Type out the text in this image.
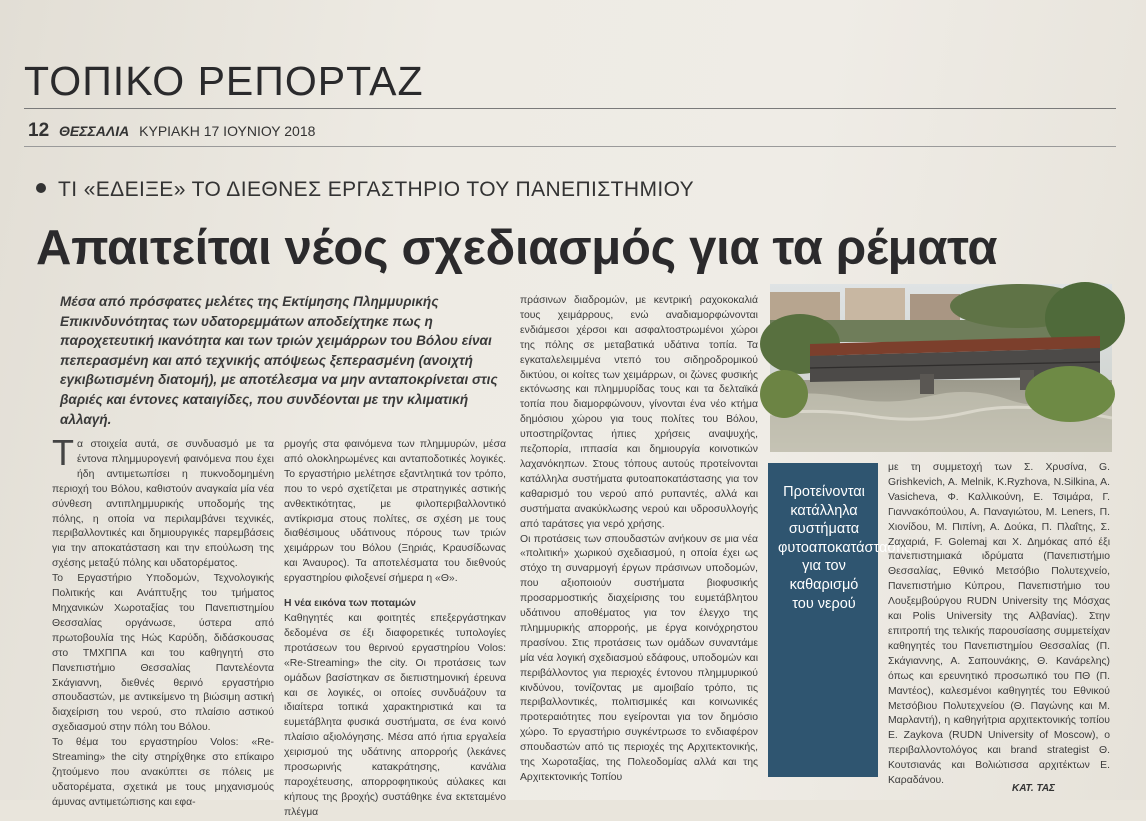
ΤΟΠΙΚΟ ΡΕΠΟΡΤΑΖ
12 ΘΕΣΣΑΛΙΑ ΚΥΡΙΑΚΗ 17 ΙΟΥΝΙΟΥ 2018
ΤΙ «ΕΔΕΙΞΕ» ΤΟ ΔΙΕΘΝΕΣ ΕΡΓΑΣΤΗΡΙΟ ΤΟΥ ΠΑΝΕΠΙΣΤΗΜΙΟΥ
Απαιτείται νέος σχεδιασμός για τα ρέματα

Μέσα από πρόσφατες μελέτες της Εκτίμησης Πλημμυρικής Επικινδυνότητας των υδατορεμμάτων αποδείχτηκε πως η παροχετευτική ικανότητα και των τριών χειμάρρων του Βόλου είναι πεπερασμένη και από τεχνικής απόψεως ξεπερασμένη (ανοιχτή εγκιβωτισμένη διατομή), με αποτέλεσμα να μην ανταποκρίνεται στις βαριές και έντονες καταιγίδες, που συνδέονται με την κλιματική αλλαγή.

Τ α στοιχεία αυτά, σε συνδυασμό με τα έντονα πλημμυρογενή φαινόμενα που έχει ήδη αντιμετωπίσει η πυκνοδομημένη περιοχή του Βόλου, καθιστούν αναγκαία μία νέα σύνθεση αντιπλημμυρικής υποδομής της πόλης, η οποία να περιλαμβάνει τεχνικές, περιβαλλοντικές και δημιουργικές παρεμβάσεις για την αποκατάσταση και την επούλωση της σχέσης μεταξύ πόλης και υδατορέματος.

Το Εργαστήριο Υποδομών, Τεχνολογικής Πολιτικής και Ανάπτυξης του τμήματος Μηχανικών Χωροταξίας του Πανεπιστημίου Θεσσαλίας οργάνωσε, ύστερα από πρωτοβουλία της Ηώς Καρύδη, διδάσκουσας στο ΤΜΧΠΠΑ και του καθηγητή στο Πανεπιστήμιο Θεσσαλίας Παντελέοντα Σκάγιαννη, διεθνές θερινό εργαστήριο σπουδαστών, με αντικείμενο τη βιώσιμη αστική διαχείριση του νερού, στο πλαίσιο αστικού σχεδιασμού στην πόλη του Βόλου.

Το θέμα του εργαστηρίου Volos: «Re-Streaming» the city στηρίχθηκε στο επίκαιρο ζητούμενο που ανακύπτει σε πόλεις με υδατορέματα, σχετικά με τους μηχανισμούς άμυνας αντιμετώπισης και εφα-

ρμογής στα φαινόμενα των πλημμυρών, μέσα από ολοκληρωμένες και ανταποδοτικές λογικές. Το εργαστήριο μελέτησε εξαντλητικά τον τρόπο, που το νερό σχετίζεται με στρατηγικές αστικής ανθεκτικότητας, με φιλοπεριβαλλοντικό αντίκρισμα στους πολίτες, σε σχέση με τους διαθέσιμους υδάτινους πόρους των τριών χειμάρρων του Βόλου (Ξηριάς, Κραυσίδωνας και Άναυρος). Τα αποτελέσματα του διεθνούς εργαστηρίου φιλοξενεί σήμερα η «Θ».

Η νέα εικόνα των ποταμών

Καθηγητές και φοιτητές επεξεργάστηκαν δεδομένα σε έξι διαφορετικές τυπολογίες προτάσεων του θερινού εργαστηρίου Volos: «Re-Streaming» the city. Οι προτάσεις των ομάδων βασίστηκαν σε διεπιστημονική έρευνα και σε λογικές, οι οποίες συνδυάζουν τα ιδιαίτερα τοπικά χαρακτηριστικά και τα ευμετάβλητα φυσικά συστήματα, σε ένα κοινό πλαίσιο αξιολόγησης. Μέσα από ήπια εργαλεία χειρισμού της υδάτινης απορροής (λεκάνες προσωρινής κατακράτησης, κανάλια παροχέτευσης, απορροφητικούς αύλακες και κήπους της βροχής) συστάθηκε ένα εκτεταμένο πλέγμα

πράσινων διαδρομών, με κεντρική ραχοκοκαλιά τους χειμάρρους, ενώ αναδιαμορφώνονται ενδιάμεσοι χέρσοι και ασφαλτοστρωμένοι χώροι της πόλης σε μεταβατικά υδάτινα τοπία. Τα εγκαταλελειμμένα ντεπό του σιδηροδρομικού δικτύου, οι κοίτες των χειμάρρων, οι ζώνες φυσικής εκτόνωσης και πλημμυρίδας τους και τα δελταϊκά τοπία που διαμορφώνουν, γίνονται ένα νέο κτήμα δημόσιου χώρου για τους πολίτες του Βόλου, υποστηρίζοντας ήπιες χρήσεις αναψυχής, πεζοπορία, ιππασία και δημιουργία κοινοτικών λαχανόκηπων. Στους τόπους αυτούς προτείνονται κατάλληλα συστήματα φυτοαποκατάστασης για τον καθαρισμό του νερού από ρυπαντές, αλλά και συστήματα ανακύκλωσης νερού και υδροσυλλογής από ταράτσες για νερό χρήσης.

Οι προτάσεις των σπουδαστών ανήκουν σε μια νέα «πολιτική» χωρικού σχεδιασμού, η οποία έχει ως στόχο τη συναρμογή έργων πράσινων υποδομών, που αξιοποιούν συστήματα βιοφυσικής προσαρμοστικής διαχείρισης του ευμετάβλητου υδάτινου αποθέματος για τον έλεγχο της πλημμυρικής απορροής, με έργα κοινόχρηστου πρασίνου. Στις προτάσεις των ομάδων συναντάμε μία νέα λογική σχεδιασμού εδάφους, υποδομών και περιβάλλοντος για περιοχές έντονου πλημμυρικού κινδύνου, τονίζοντας με αμοιβαίο τρόπο, τις περιβαλλοντικές, πολιτισμικές και κοινωνικές προτεραιότητες που εγείρονται για τον δημόσιο χώρο. Το εργαστήριο συγκέντρωσε το ενδιαφέρον σπουδαστών από τις περιοχές της Αρχιτεκτονικής, της Χωροταξίας, της Πολεοδομίας αλλά και της Αρχιτεκτονικής Τοπίου

Προτείνονται κατάλληλα συστήματα φυτοαποκατάστασης για τον καθαρισμό του νερού

με τη συμμετοχή των Σ. Χρυσίνα, G. Grishkevich, A. Melnik, K.Ryzhova, N.Silkina, A. Vasicheva, Φ. Καλλικούνη, Ε. Τσιμάρα, Γ. Γιαννακόπούλου, Α. Παναγιώτου, Μ. Leners, Π. Χιονίδου, Μ. Πιπίνη, Α. Δούκα, Π. Πλαΐτης, Σ. Ζαχαριά, F. Golemaj και Χ. Δημόκας από έξι πανεπιστημιακά ιδρύματα (Πανεπιστήμιο Θεσσαλίας, Εθνικό Μετσόβιο Πολυτεχνείο, Πανεπιστήμιο Κύπρου, Πανεπιστήμιο του Λουξεμβούργου RUDN University της Μόσχας και Polis University της Αλβανίας). Στην επιτροπή της τελικής παρουσίασης συμμετείχαν καθηγητές του Πανεπιστημίου Θεσσαλίας (Π. Σκάγιαννης, Α. Σαπουνάκης, Θ. Κανάρελης) όπως και ερευνητικό προσωπικό του ΠΘ (Π. Μαντέος), καλεσμένοι καθηγητές του Εθνικού Μετσόβιου Πολυτεχνείου (Θ. Παγώνης και Μ. Μαρλαντή), η καθηγήτρια αρχιτεκτονικής τοπίου E. Zaykova (RUDN University of Moscow), ο περιβαλλοντολόγος και brand strategist Θ. Κουτσιανάς και Βολιώτισσα αρχιτέκτων Ε. Καραδάνου.

ΚΑΤ. ΤΑΣ
